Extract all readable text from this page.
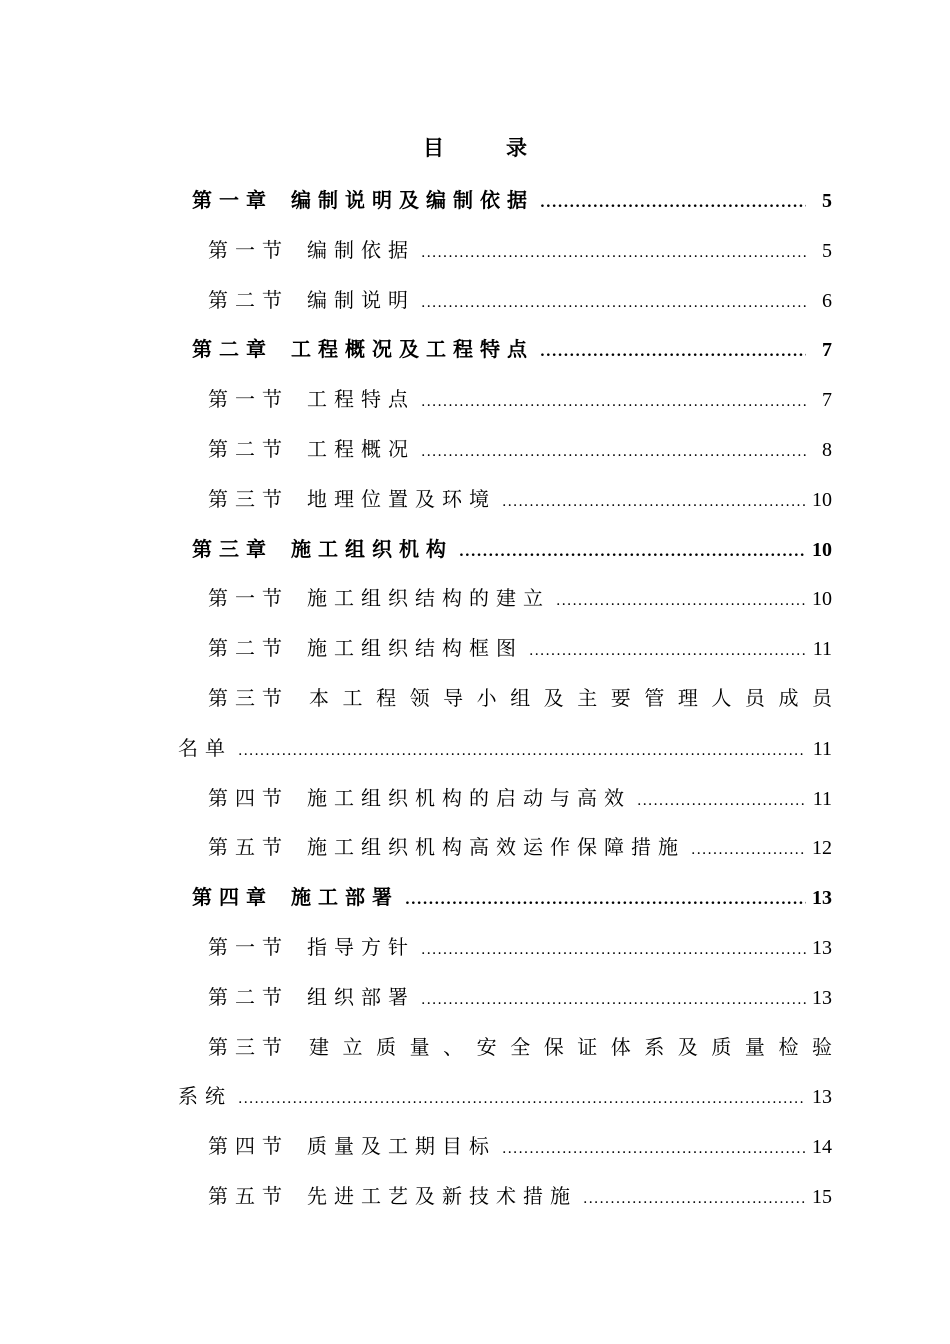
目	录
第一章 编制说明及编制依据 .....	5
第一节 编制依据 .....	5
第二节 编制说明 .....	6
第二章 工程概况及工程特点 .....	7
第一节 工程特点 .....	7
第二节 工程概况 .....	8
第三节 地理位置及环境 .....	10
第三章 施工组织机构 .....	10
第一节 施工组织结构的建立 .....	10
第二节 施工组织结构框图 .....	11
第三节 本 工 程 领 导 小 组 及 主 要 管 理 人 员 成 员
名单 .....	11
第四节 施工组织机构的启动与高效 .....	11
第五节 施工组织机构高效运作保障措施 .....	12
第四章 施工部署 .....	13
第一节 指导方针 .....	13
第二节 组织部署 .....	13
第三节 建 立 质 量 、 安 全 保 证 体 系 及 质 量 检 验
系统 .....	13
第四节 质量及工期目标 .....	14
第五节 先进工艺及新技术措施 .....	15
